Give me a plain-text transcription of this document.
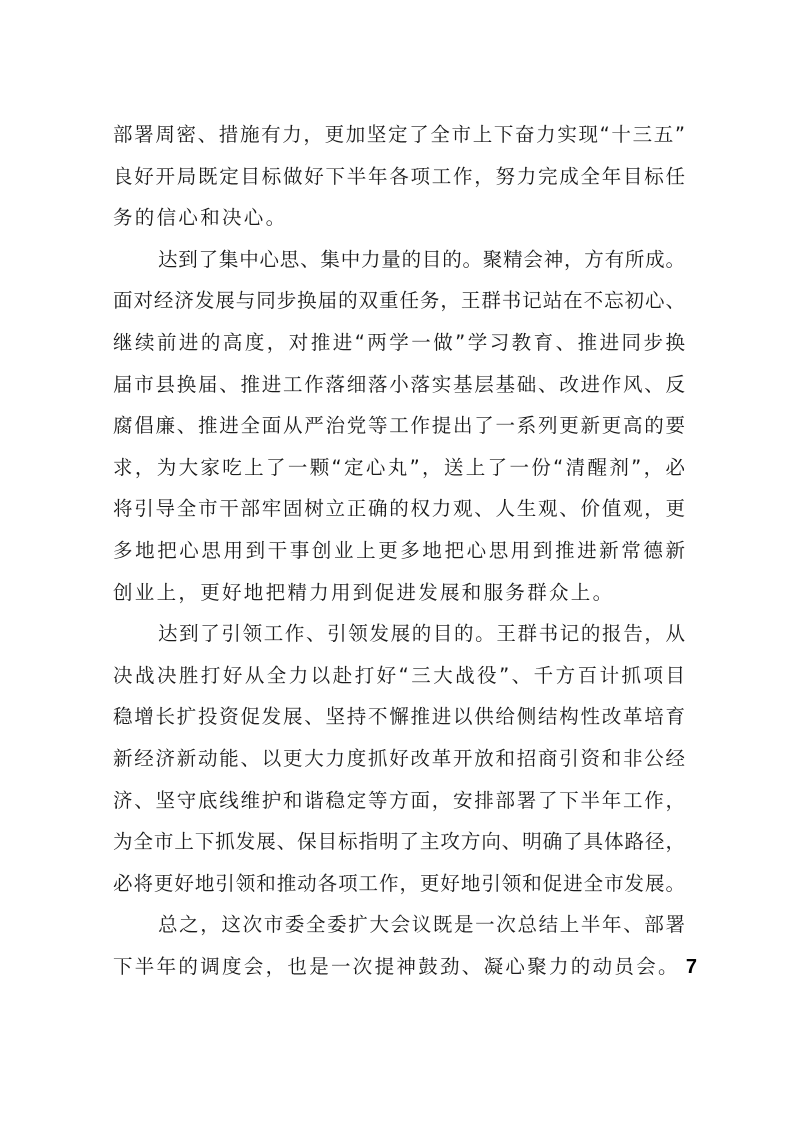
部署周密、措施有力，更加坚定了全市上下奋力实现“十三五”
良好开局既定目标做好下半年各项工作，努力完成全年目标任
务的信心和决心。
达到了集中心思、集中力量的目的。聚精会神，方有所成。
面对经济发展与同步换届的双重任务，王群书记站在不忘初心、
继续前进的高度，对推进“两学一做”学习教育、推进同步换
届市县换届、推进工作落细落小落实基层基础、改进作风、反
腐倡廉、推进全面从严治党等工作提出了一系列更新更高的要
求，为大家吃上了一颗“定心丸”，送上了一份“清醒剂”，必
将引导全市干部牢固树立正确的权力观、人生观、价值观，更
多地把心思用到干事创业上更多地把心思用到推进新常德新
创业上，更好地把精力用到促进发展和服务群众上。
达到了引领工作、引领发展的目的。王群书记的报告，从
决战决胜打好从全力以赴打好“三大战役”、千方百计抓项目
稳增长扩投资促发展、坚持不懈推进以供给侧结构性改革培育
新经济新动能、以更大力度抓好改革开放和招商引资和非公经
济、坚守底线维护和谐稳定等方面，安排部署了下半年工作，
为全市上下抓发展、保目标指明了主攻方向、明确了具体路径，
必将更好地引领和推动各项工作，更好地引领和促进全市发展。
总之，这次市委全委扩大会议既是一次总结上半年、部署
下半年的调度会，也是一次提神鼓劲、凝心聚力的动员会。 7
